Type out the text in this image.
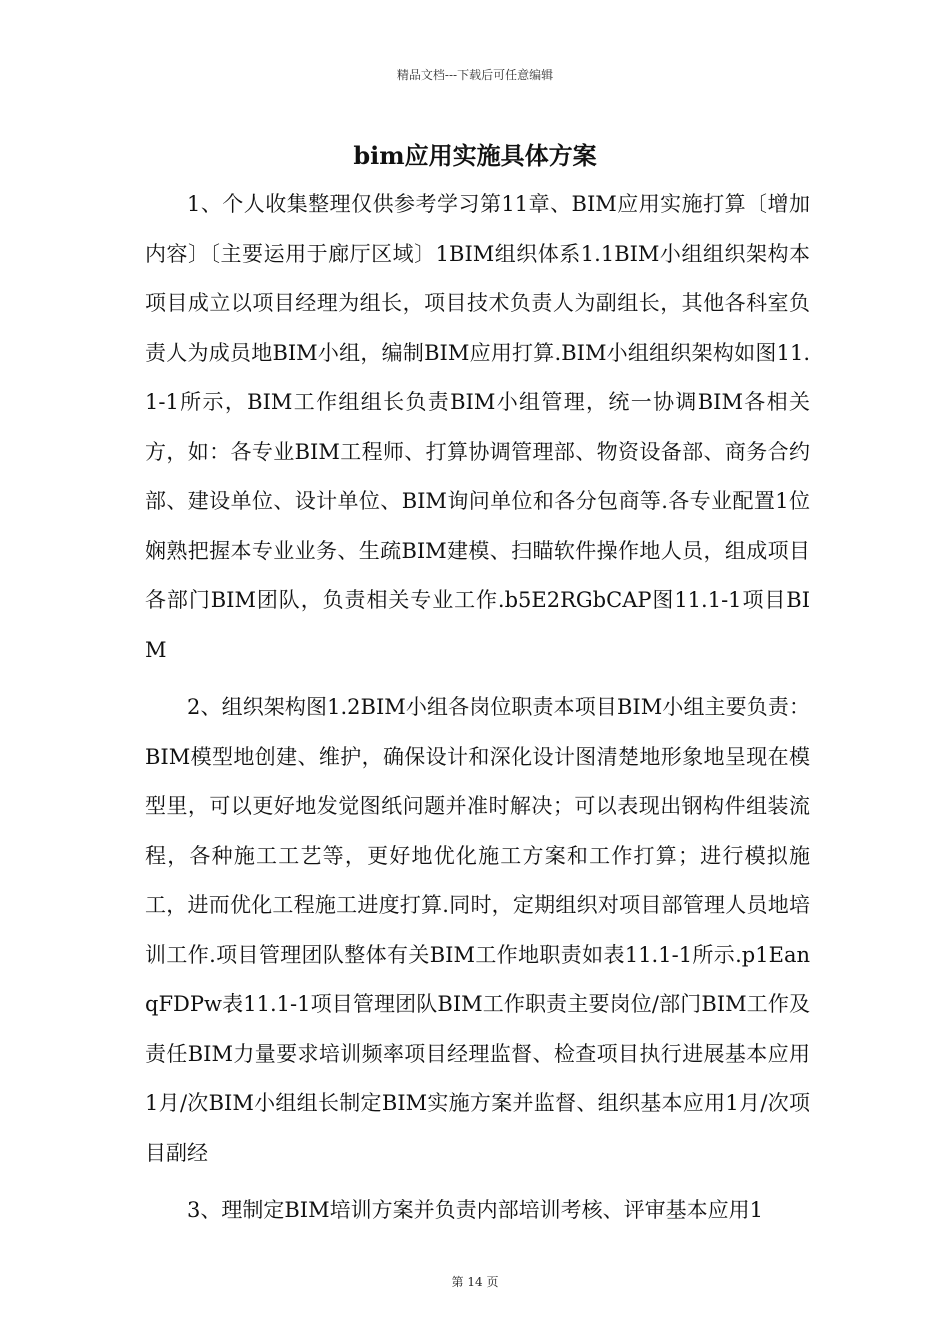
精品文档---下载后可任意编辑
bim应用实施具体方案

1、个人收集整理仅供参考学习第11章、BIM应用实施打算〔增加内容〕〔主要运用于廊厅区域〕1BIM组织体系1.1BIM小组组织架构本项目成立以项目经理为组长，项目技术负责人为副组长，其他各科室负责人为成员地BIM小组，编制BIM应用打算.BIM小组组织架构如图11.1-1所示，BIM工作组组长负责BIM小组管理，统一协调BIM各相关方，如：各专业BIM工程师、打算协调管理部、物资设备部、商务合约部、建设单位、设计单位、BIM询问单位和各分包商等.各专业配置1位娴熟把握本专业业务、生疏BIM建模、扫瞄软件操作地人员，组成项目各部门BIM团队，负责相关专业工作.b5E2RGbCAP图11.1-1项目BIM

2、组织架构图1.2BIM小组各岗位职责本项目BIM小组主要负责：BIM模型地创建、维护，确保设计和深化设计图清楚地形象地呈现在模型里，可以更好地发觉图纸问题并准时解决；可以表现出钢构件组装流程，各种施工工艺等，更好地优化施工方案和工作打算；进行模拟施工，进而优化工程施工进度打算.同时，定期组织对项目部管理人员地培训工作.项目管理团队整体有关BIM工作地职责如表11.1-1所示.p1EanqFDPw表11.1-1项目管理团队BIM工作职责主要岗位/部门BIM工作及责任BIM力量要求培训频率项目经理监督、检查项目执行进展基本应用1月/次BIM小组组长制定BIM实施方案并监督、组织基本应用1月/次项目副经

3、理制定BIM培训方案并负责内部培训考核、评审基本应用1

第 14 页
